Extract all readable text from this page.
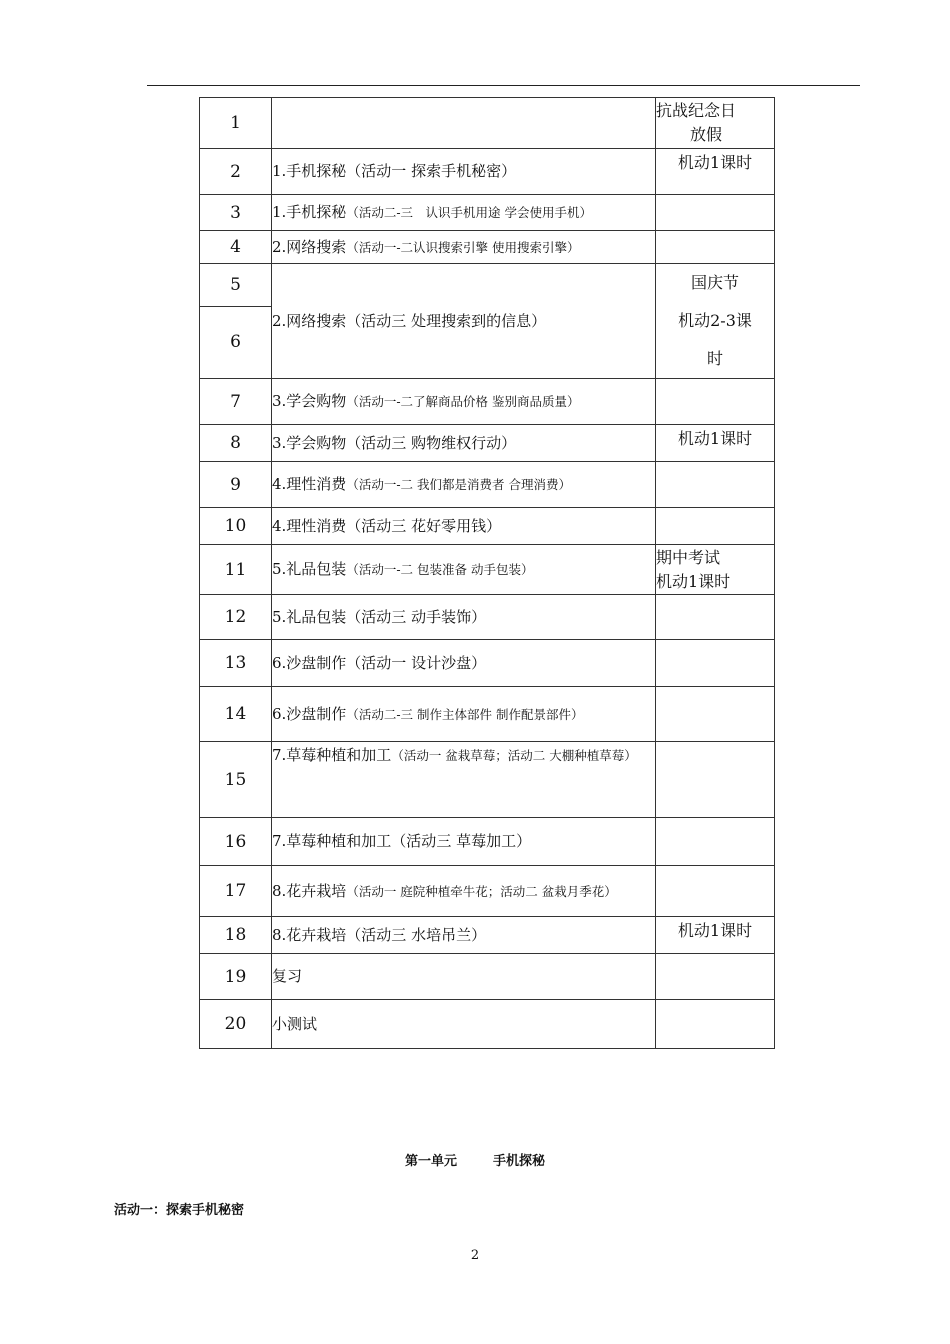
1		抗战纪念日
放假
2	1.手机探秘（活动一 探索手机秘密）	机动1课时
3	1.手机探秘（活动二-三　认识手机用途 学会使用手机）	
4	2.网络搜索（活动一-二认识搜索引擎 使用搜索引擎）	
5	2.网络搜索（活动三 处理搜索到的信息）	国庆节
机动2-3课
时
6		
7	3.学会购物（活动一-二了解商品价格 鉴别商品质量）	
8	3.学会购物（活动三 购物维权行动）	机动1课时
9	4.理性消费（活动一-二 我们都是消费者 合理消费）	
10	4.理性消费（活动三 花好零用钱）	
11	5.礼品包装（活动一-二 包装准备 动手包装）	期中考试
机动1课时
12	5.礼品包装（活动三 动手装饰）	
13	6.沙盘制作（活动一 设计沙盘）	
14	6.沙盘制作（活动二-三 制作主体部件 制作配景部件）	
15	7.草莓种植和加工（活动一 盆栽草莓；活动二 大棚种植草莓）	
16	7.草莓种植和加工（活动三 草莓加工）	
17	8.花卉栽培（活动一 庭院种植牵牛花；活动二 盆栽月季花）	
18	8.花卉栽培（活动三 水培吊兰）	机动1课时
19	复习	
20	小测试	
第一单元	手机探秘
活动一：探索手机秘密
2
